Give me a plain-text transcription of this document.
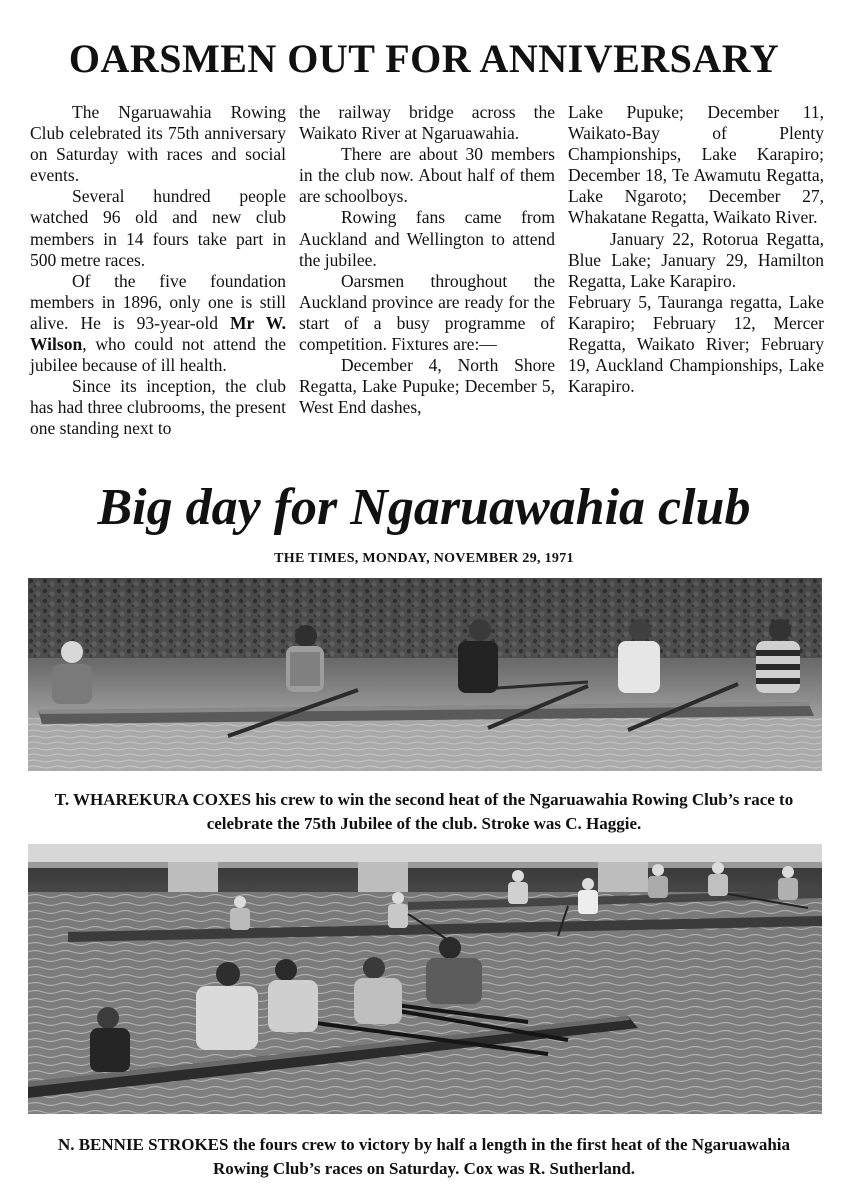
OARSMEN OUT FOR ANNIVERSARY

The Ngaruawahia Rowing Club celebrated its 75th anniversary on Saturday with races and social events.

Several hundred people watched 96 old and new club members in 14 fours take part in 500 metre races.

Of the five foundation members in 1896, only one is still alive. He is 93-year-old Mr W. Wilson, who could not attend the jubilee because of ill health.

Since its inception, the club has had three clubrooms, the present one standing next to

the railway bridge across the Waikato River at Ngaruawahia.

There are about 30 members in the club now. About half of them are schoolboys.

Rowing fans came from Auckland and Wellington to attend the jubilee.

Oarsmen throughout the Auckland province are ready for the start of a busy programme of competition. Fixtures are:—

December 4, North Shore Regatta, Lake Pupuke; December 5, West End dashes,

Lake Pupuke; December 11, Waikato-Bay of Plenty Championships, Lake Karapiro; December 18, Te Awamutu Regatta, Lake Ngaroto; December 27, Whakatane Regatta, Waikato River.

January 22, Rotorua Regatta, Blue Lake; January 29, Hamilton Regatta, Lake Karapiro.

February 5, Tauranga regatta, Lake Karapiro; February 12, Mercer Regatta, Waikato River; February 19, Auckland Championships, Lake Karapiro.

Big day for Ngaruawahia club
THE TIMES, MONDAY, NOVEMBER 29, 1971
T. WHAREKURA COXES his crew to win the second heat of the Ngaruawahia Rowing Club’s race to celebrate the 75th Jubilee of the club. Stroke was C. Haggie.
N. BENNIE STROKES the fours crew to victory by half a length in the first heat of the Ngaruawahia Rowing Club’s races on Saturday. Cox was R. Sutherland.
